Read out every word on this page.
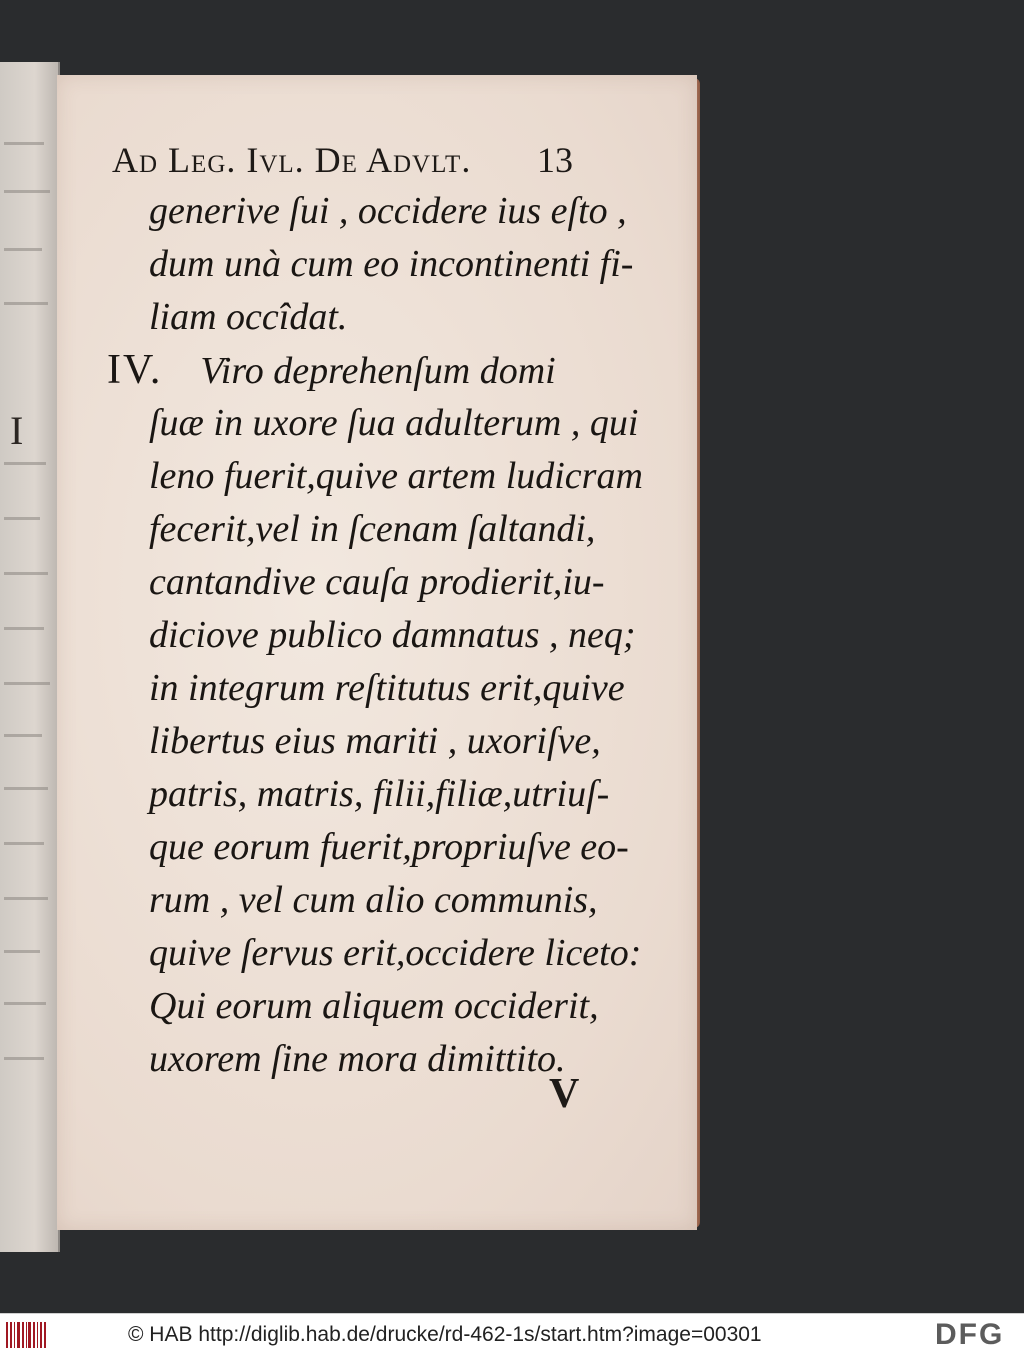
I
Ad Leg. Ivl. De Advlt.	13
generive ſui , occidere ius eſto ,
dum unà cum eo incontinenti fi-
liam occîdat.
IV. Viro deprehenſum domi
ſuæ in uxore ſua adulterum , qui
leno fuerit,quive artem ludicram
fecerit,vel in ſcenam ſaltandi,
cantandive cauſa prodierit,iu-
diciove publico damnatus , neq;
in integrum reſtitutus erit,quive
libertus eius mariti , uxoriſve,
patris, matris, filii,filiæ,utriuſ-
que eorum fuerit,propriuſve eo-
rum , vel cum alio communis,
quive ſervus erit,occidere liceto:
Qui eorum aliquem occiderit,
uxorem ſine mora dimittito.
V
© HAB http://diglib.hab.de/drucke/rd-462-1s/start.htm?image=00301	DFG
